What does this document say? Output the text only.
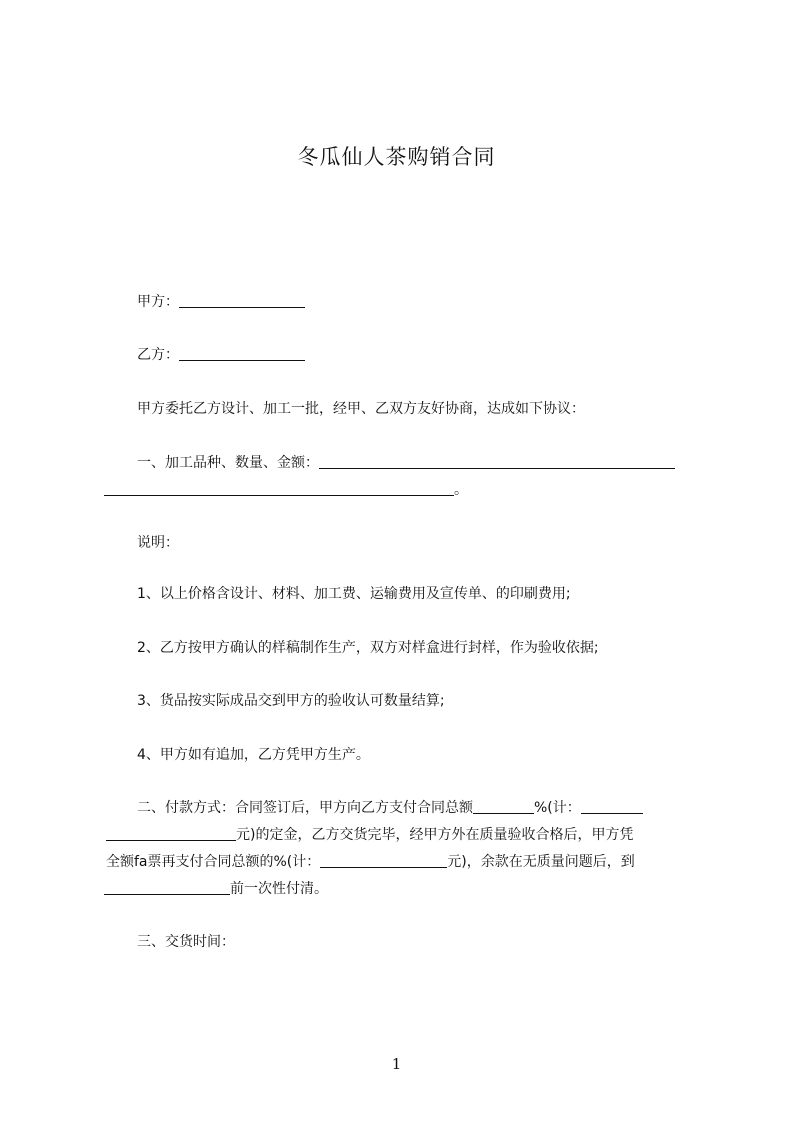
冬瓜仙人茶购销合同
甲方：
乙方：
甲方委托乙方设计、加工一批，经甲、乙双方友好协商，达成如下协议：
一、加工品种、数量、金额：
。
说明：
1、以上价格含设计、材料、加工费、运输费用及宣传单、的印刷费用;
2、乙方按甲方确认的样稿制作生产，双方对样盒进行封样，作为验收依据;
3、货品按实际成品交到甲方的验收认可数量结算;
4、甲方如有追加，乙方凭甲方生产。
二、付款方式：合同签订后，甲方向乙方支付合同总额	%(计：
元)的定金，乙方交货完毕，经甲方外在质量验收合格后，甲方凭
全额fa票再支付合同总额的%(计：	元)，余款在无质量问题后，到
前一次性付清。
三、交货时间：
1
